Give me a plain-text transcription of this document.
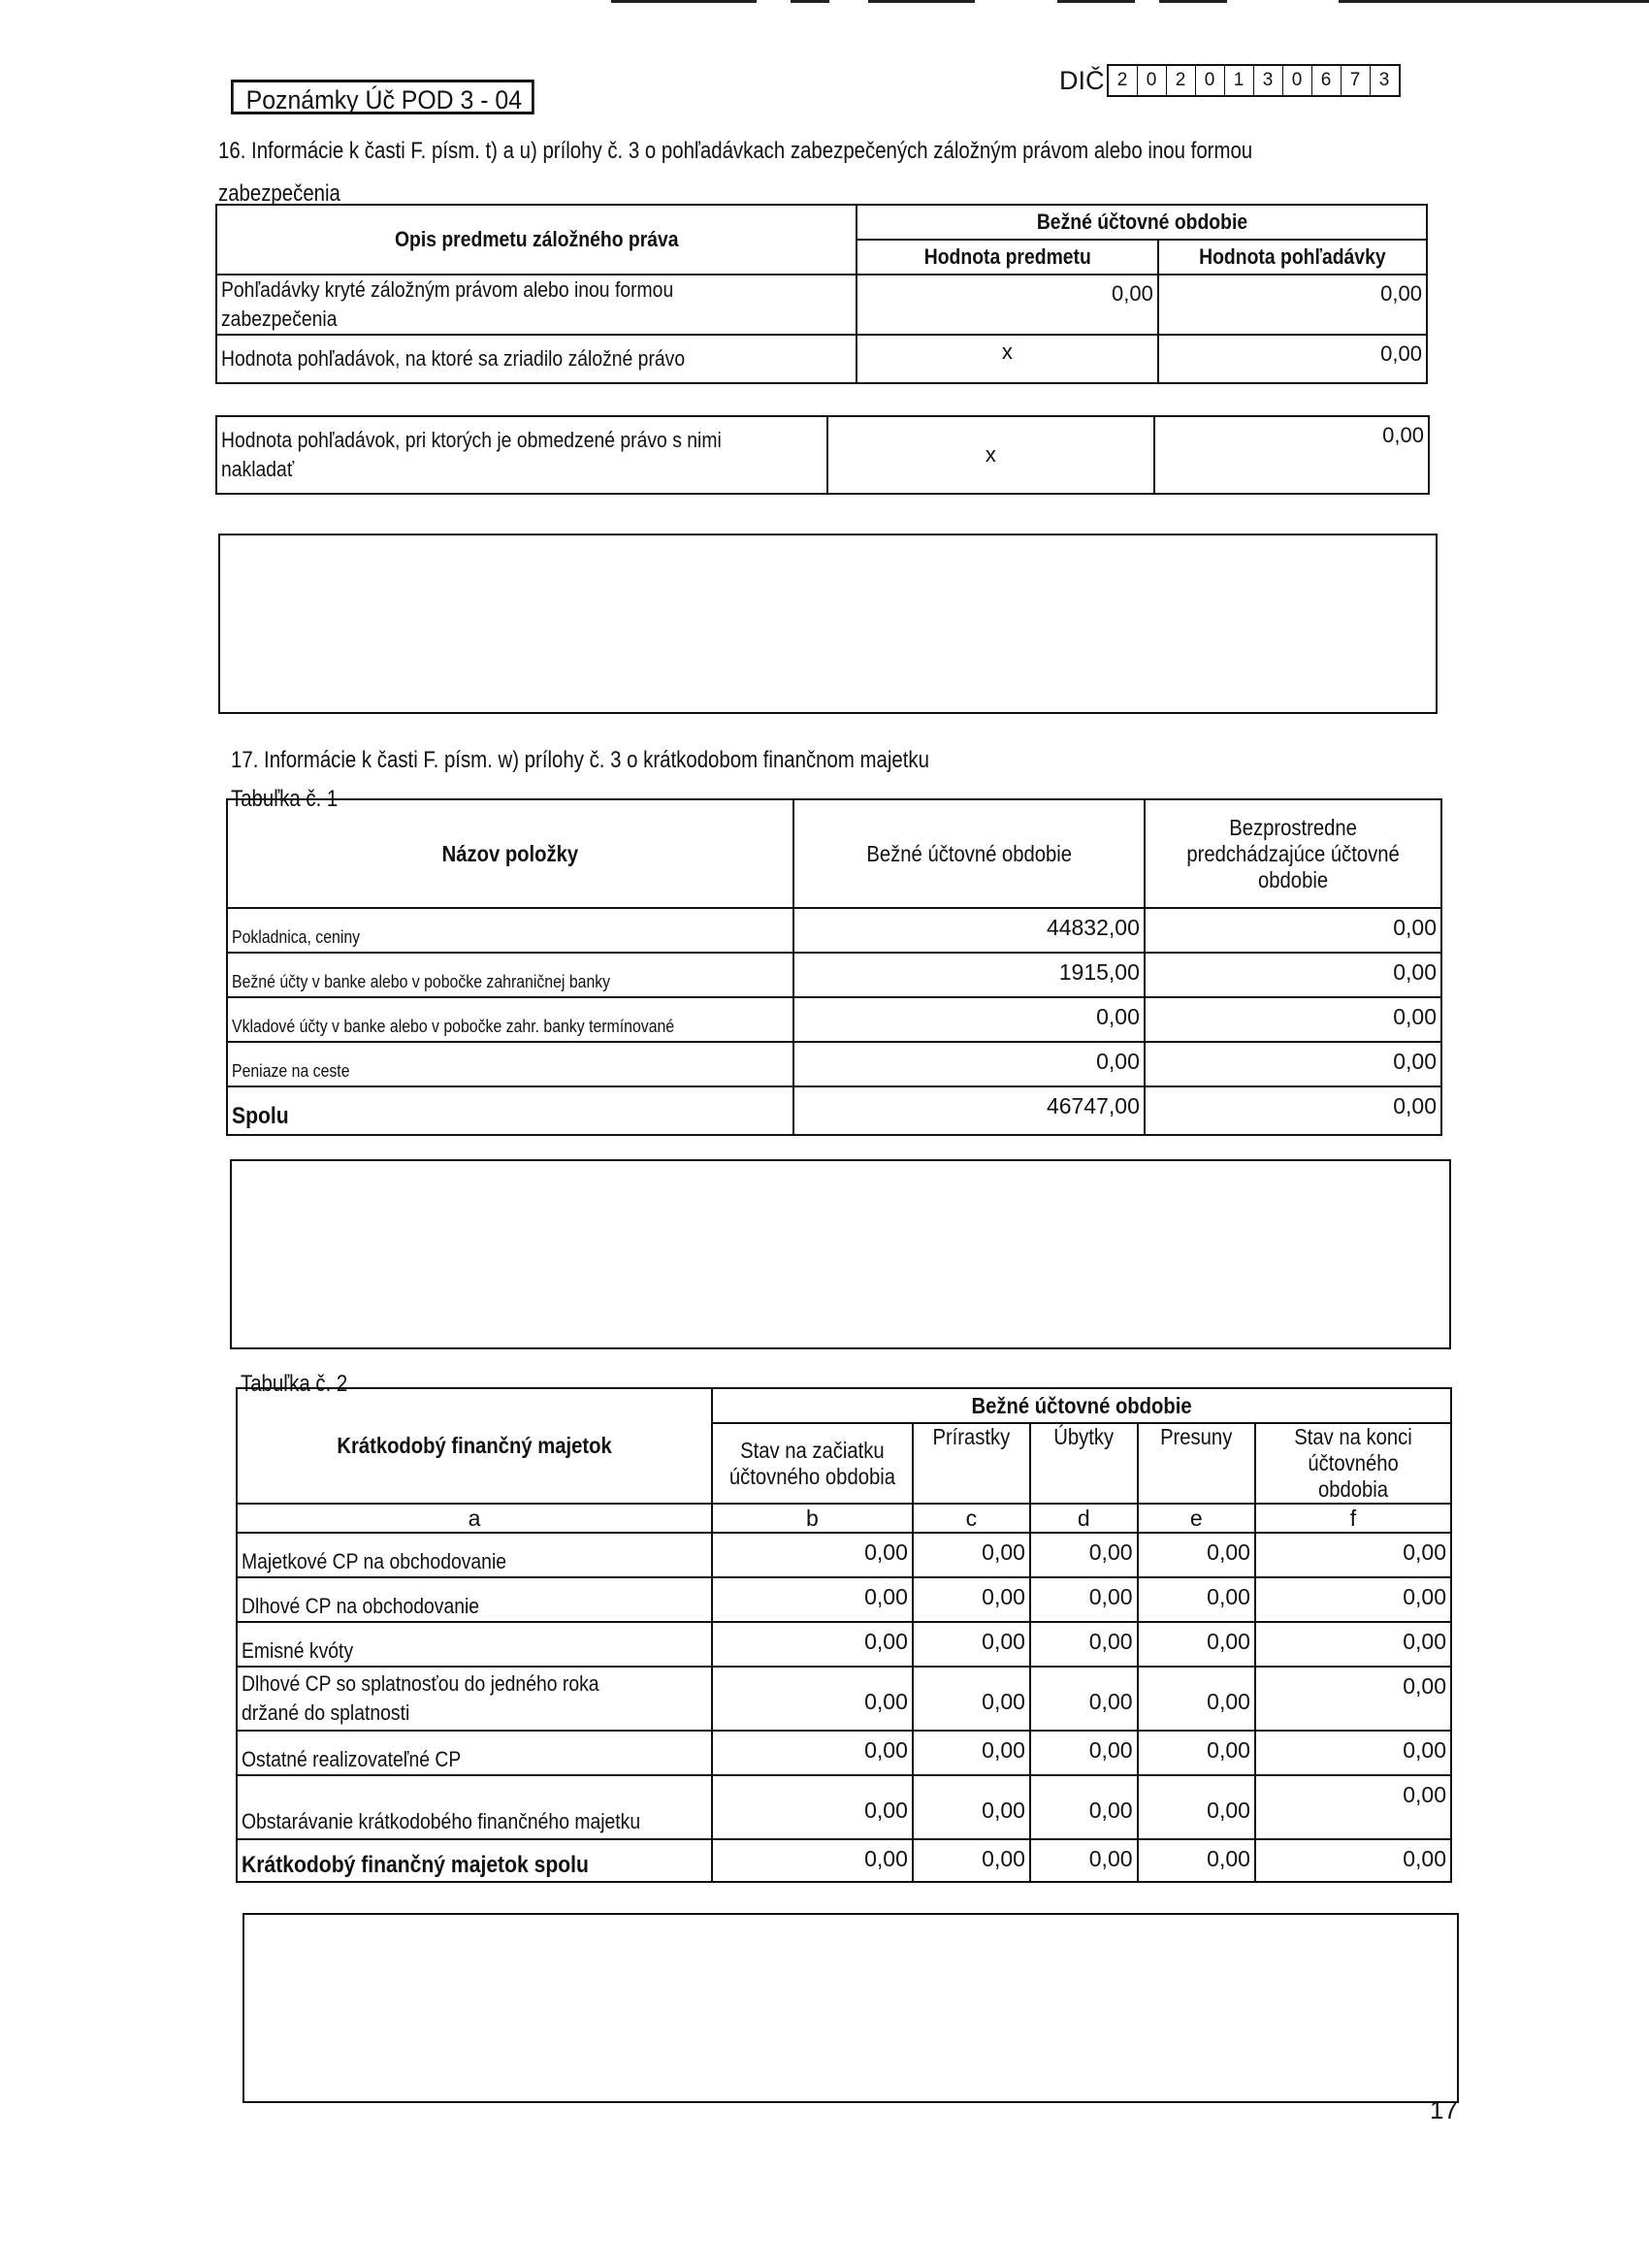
Poznámky Úč POD 3 - 04
DIČ 2	0	2	0	1	3	0	6	7	3
16. Informácie k časti F. písm. t) a u) prílohy č. 3 o pohľadávkach zabezpečených záložným právom alebo inou formou
zabezpečenia
Opis predmetu záložného práva	Bežné účtovné obdobie	
	Hodnota predmetu	Hodnota pohľadávky
Pohľadávky kryté záložným právom alebo inou formou zabezpečenia	0,00	0,00
Hodnota pohľadávok, na ktoré sa zriadilo záložné právo	x	0,00
Hodnota pohľadávok, pri ktorých je obmedzené právo s nimi nakladať	x	0,00
17. Informácie k časti F. písm. w) prílohy č. 3 o krátkodobom finančnom majetku
Tabuľka č. 1
Názov položky	Bežné účtovné obdobie	Bezprostredne predchádzajúce účtovné obdobie
Pokladnica, ceniny	44832,00	0,00
Bežné účty v banke alebo v pobočke zahraničnej banky	1915,00	0,00
Vkladové účty v banke alebo v pobočke zahr. banky termínované	0,00	0,00
Peniaze na ceste	0,00	0,00
Spolu	46747,00	0,00
Tabuľka č. 2
Krátkodobý finančný majetok	Bežné účtovné obdobie				
	Stav na začiatku účtovného obdobia	Prírastky	Úbytky	Presuny	Stav na konci účtovného obdobia
a	b	c	d	e	f
Majetkové CP na obchodovanie	0,00	0,00	0,00	0,00	0,00
Dlhové CP na obchodovanie	0,00	0,00	0,00	0,00	0,00
Emisné kvóty	0,00	0,00	0,00	0,00	0,00
Dlhové CP so splatnosťou do jedného roka držané do splatnosti	0,00	0,00	0,00	0,00	0,00
Ostatné realizovateľné CP	0,00	0,00	0,00	0,00	0,00
Obstarávanie krátkodobého finančného majetku	0,00	0,00	0,00	0,00	0,00
Krátkodobý finančný majetok spolu	0,00	0,00	0,00	0,00	0,00
17
